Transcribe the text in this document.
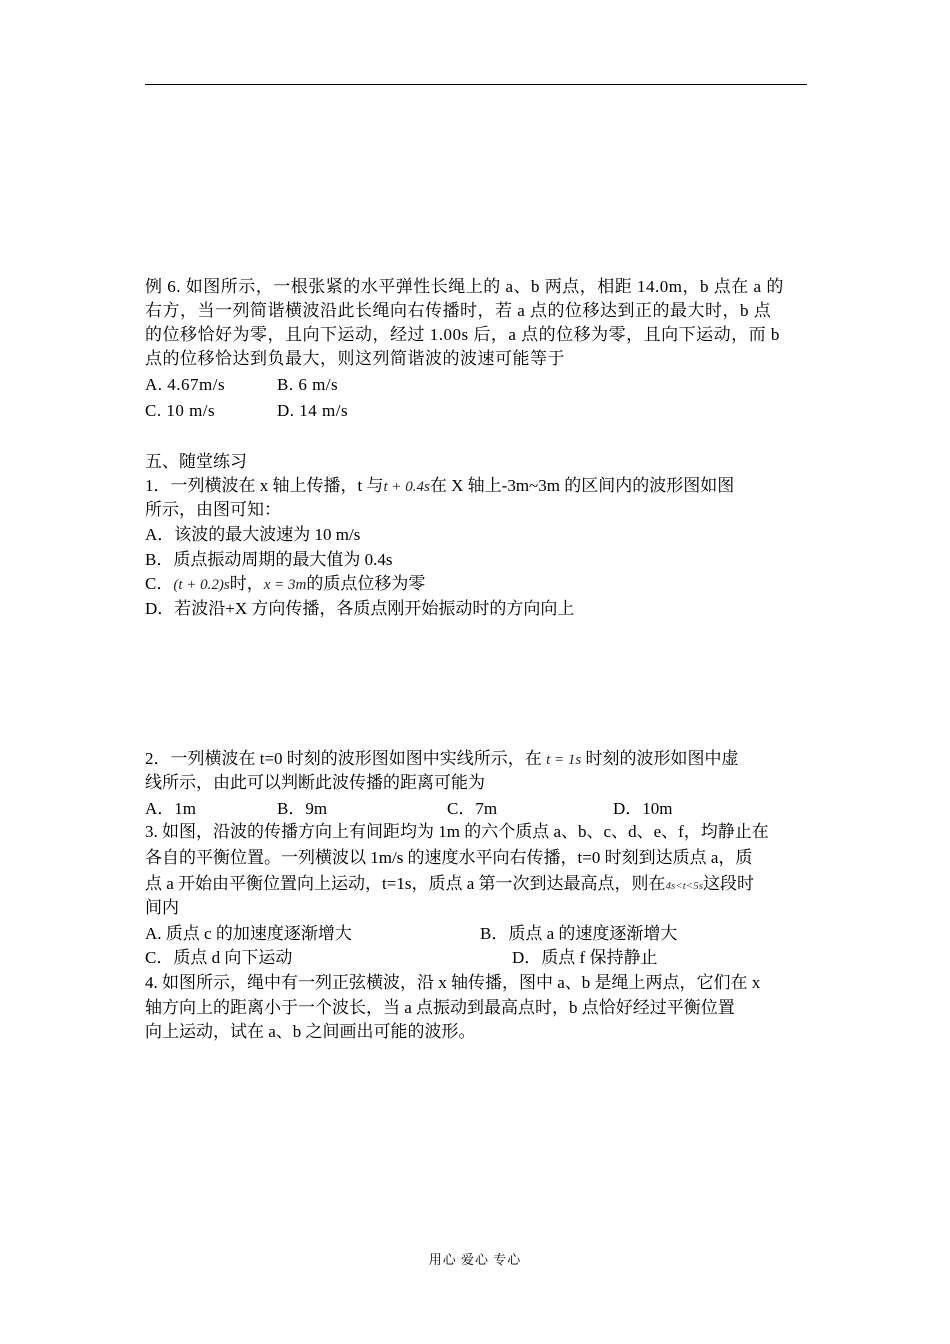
例 6. 如图所示，一根张紧的水平弹性长绳上的 a、b 两点，相距 14.0m，b 点在 a 的
右方，当一列简谐横波沿此长绳向右传播时，若 a 点的位移达到正的最大时，b 点
的位移恰好为零，且向下运动，经过 1.00s 后，a 点的位移为零，且向下运动，而 b
点的位移恰达到负最大，则这列简谐波的波速可能等于
A. 4.67m/s	B. 6 m/s
C. 10 m/s	D. 14 m/s
五、随堂练习
1．一列横波在 x 轴上传播，t 与t + 0.4s在 X 轴上-3m~3m 的区间内的波形图如图
所示，由图可知：
A．该波的最大波速为 10 m/s
B．质点振动周期的最大值为 0.4s
C．(t + 0.2)s时，x = 3m的质点位移为零
D．若波沿+X 方向传播，各质点刚开始振动时的方向向上
2．一列横波在 t=0 时刻的波形图如图中实线所示，在 t = 1s 时刻的波形如图中虚
线所示，由此可以判断此波传播的距离可能为
A．1m	B．9m	C．7m	D．10m
3. 如图，沿波的传播方向上有间距均为 1m 的六个质点 a、b、c、d、e、f，均静止在
各自的平衡位置。一列横波以 1m/s 的速度水平向右传播，t=0 时刻到达质点 a，质
点 a 开始由平衡位置向上运动，t=1s，质点 a 第一次到达最高点，则在4s<t<5s这段时
间内
A. 质点 c 的加速度逐渐增大	B．质点 a 的速度逐渐增大
C．质点 d 向下运动	D．质点 f 保持静止
4. 如图所示，绳中有一列正弦横波，沿 x 轴传播，图中 a、b 是绳上两点，它们在 x
轴方向上的距离小于一个波长，当 a 点振动到最高点时，b 点恰好经过平衡位置
向上运动，试在 a、b 之间画出可能的波形。
用心 爱心 专心
